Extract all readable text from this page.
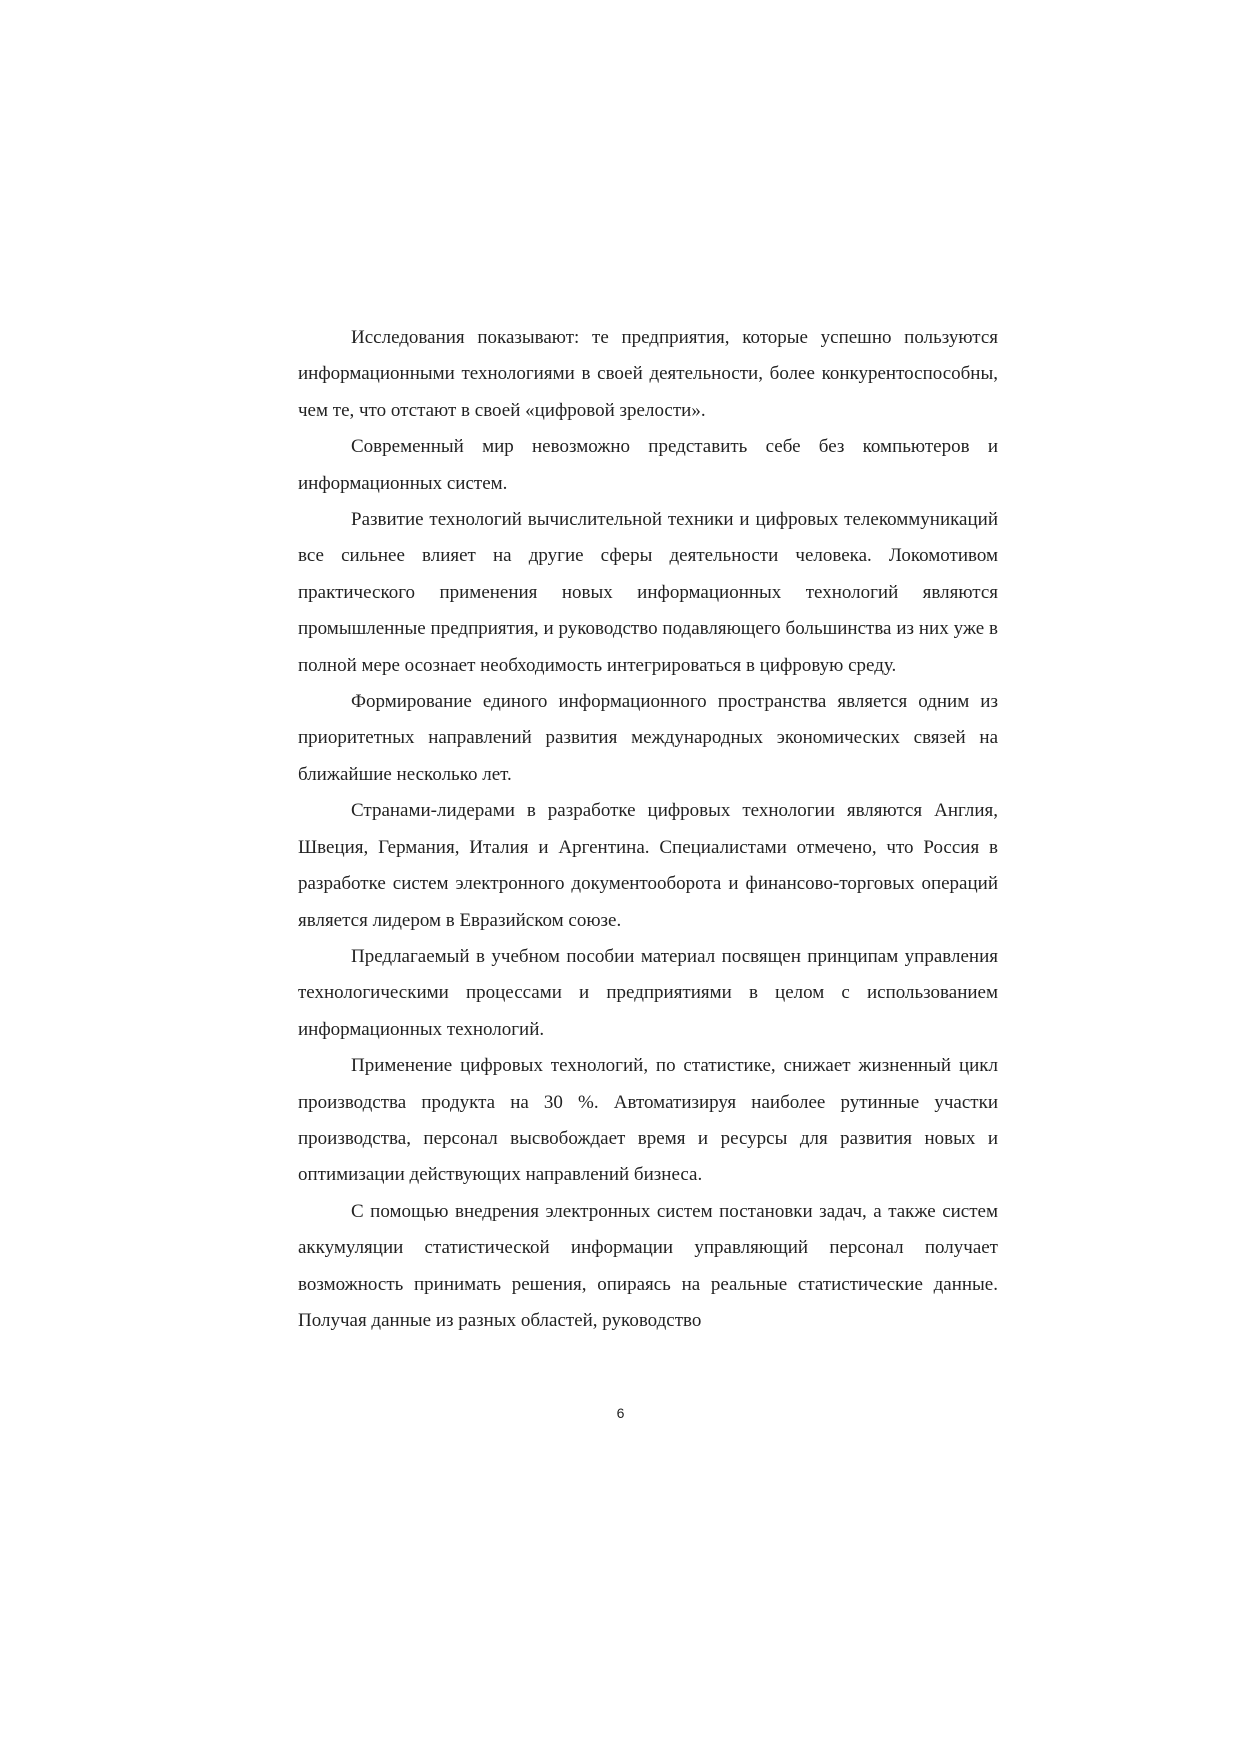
Исследования показывают: те предприятия, которые успешно пользуются информационными технологиями в своей деятельности, более конкурентоспособны, чем те, что отстают в своей «цифровой зрелости».

Современный мир невозможно представить себе без компьютеров и информационных систем.

Развитие технологий вычислительной техники и цифровых телекоммуникаций все сильнее влияет на другие сферы деятельности человека. Локомотивом практического применения новых информационных технологий являются промышленные предприятия, и руководство подавляющего большинства из них уже в полной мере осознает необходимость интегрироваться в цифровую среду.

Формирование единого информационного пространства является одним из приоритетных направлений развития международных экономических связей на ближайшие несколько лет.

Странами-лидерами в разработке цифровых технологии являются Англия, Швеция, Германия, Италия и Аргентина. Специалистами отмечено, что Россия в разработке систем электронного документооборота и финансово-торговых операций является лидером в Евразийском союзе.

Предлагаемый в учебном пособии материал посвящен принципам управления технологическими процессами и предприятиями в целом с использованием информационных технологий.

Применение цифровых технологий, по статистике, снижает жизненный цикл производства продукта на 30 %. Автоматизируя наиболее рутинные участки производства, персонал высвобождает время и ресурсы для развития новых и оптимизации действующих направлений бизнеса.

С помощью внедрения электронных систем постановки задач, а также систем аккумуляции статистической информации управляющий персонал получает возможность принимать решения, опираясь на реальные статистические данные. Получая данные из разных областей, руководство

6
